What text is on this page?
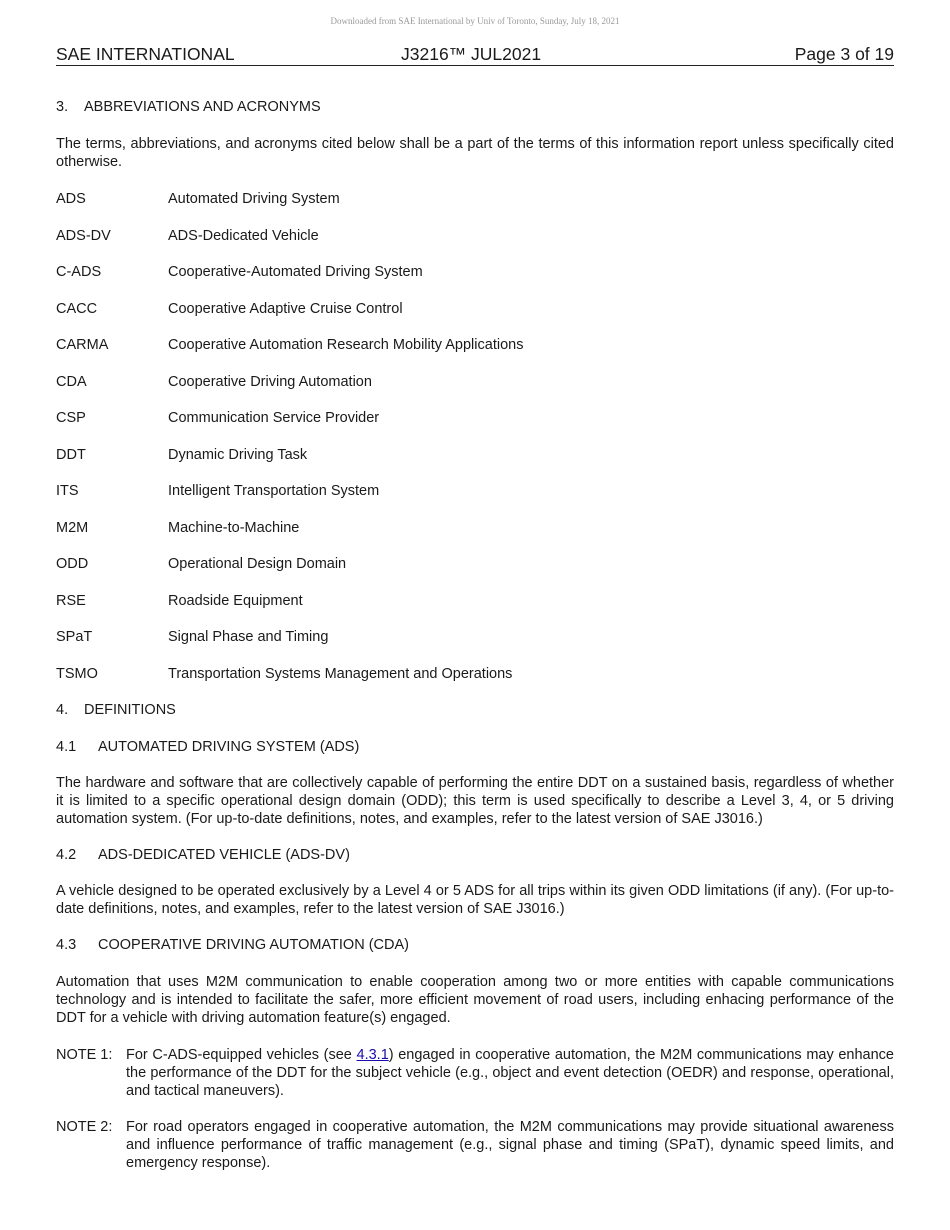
Downloaded from SAE International by Univ of Toronto, Sunday, July 18, 2021
SAE INTERNATIONAL	J3216™ JUL2021	Page 3 of 19
3. ABBREVIATIONS AND ACRONYMS

The terms, abbreviations, and acronyms cited below shall be a part of the terms of this information report unless specifically cited otherwise.

ADS	Automated Driving System
ADS-DV	ADS-Dedicated Vehicle
C-ADS	Cooperative-Automated Driving System
CACC	Cooperative Adaptive Cruise Control
CARMA	Cooperative Automation Research Mobility Applications
CDA	Cooperative Driving Automation
CSP	Communication Service Provider
DDT	Dynamic Driving Task
ITS	Intelligent Transportation System
M2M	Machine-to-Machine
ODD	Operational Design Domain
RSE	Roadside Equipment
SPaT	Signal Phase and Timing
TSMO	Transportation Systems Management and Operations
4. DEFINITIONS
4.1 AUTOMATED DRIVING SYSTEM (ADS)

The hardware and software that are collectively capable of performing the entire DDT on a sustained basis, regardless of whether it is limited to a specific operational design domain (ODD); this term is used specifically to describe a Level 3, 4, or 5 driving automation system. (For up-to-date definitions, notes, and examples, refer to the latest version of SAE J3016.)

4.2 ADS-DEDICATED VEHICLE (ADS-DV)

A vehicle designed to be operated exclusively by a Level 4 or 5 ADS for all trips within its given ODD limitations (if any). (For up-to-date definitions, notes, and examples, refer to the latest version of SAE J3016.)

4.3 COOPERATIVE DRIVING AUTOMATION (CDA)

Automation that uses M2M communication to enable cooperation among two or more entities with capable communications technology and is intended to facilitate the safer, more efficient movement of road users, including enhacing performance of the DDT for a vehicle with driving automation feature(s) engaged.

NOTE 1: For C-ADS-equipped vehicles (see 4.3.1) engaged in cooperative automation, the M2M communications may enhance the performance of the DDT for the subject vehicle (e.g., object and event detection (OEDR) and response, operational, and tactical maneuvers).
NOTE 2: For road operators engaged in cooperative automation, the M2M communications may provide situational awareness and influence performance of traffic management (e.g., signal phase and timing (SPaT), dynamic speed limits, and emergency response).
